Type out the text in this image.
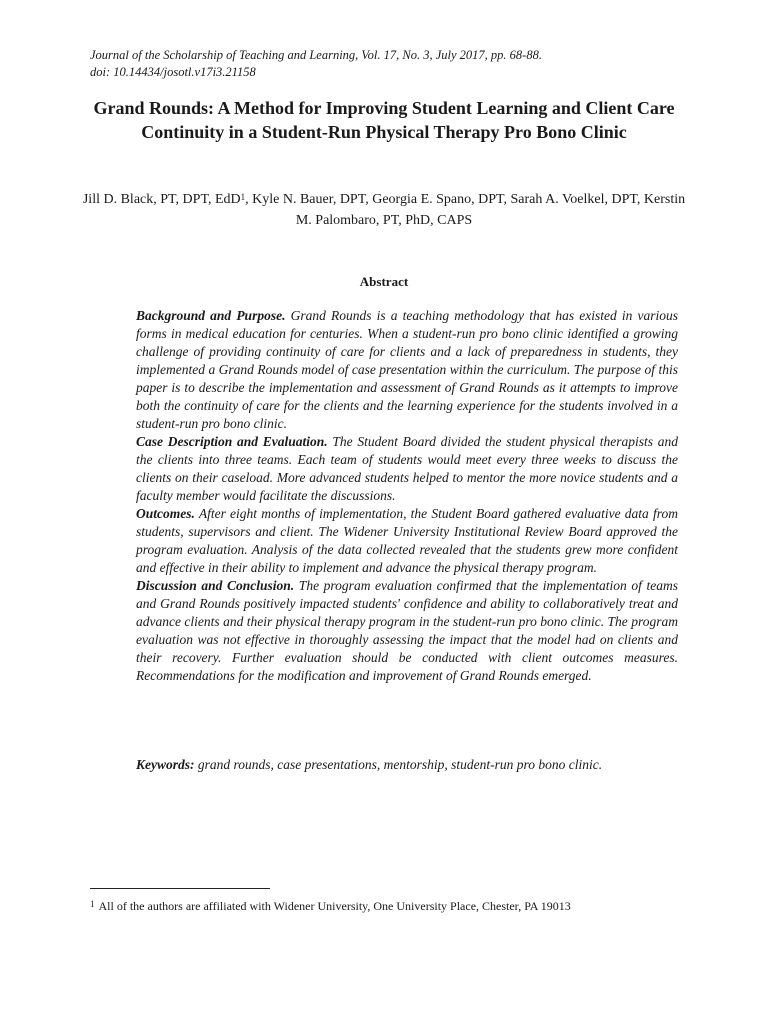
Journal of the Scholarship of Teaching and Learning, Vol. 17, No. 3, July 2017, pp. 68-88.
doi: 10.14434/josotl.v17i3.21158
Grand Rounds: A Method for Improving Student Learning and Client Care Continuity in a Student-Run Physical Therapy Pro Bono Clinic
Jill D. Black, PT, DPT, EdD$^1$, Kyle N. Bauer, DPT, Georgia E. Spano, DPT, Sarah A. Voelkel, DPT, Kerstin M. Palombaro, PT, PhD, CAPS
Abstract

Background and Purpose. Grand Rounds is a teaching methodology that has existed in various forms in medical education for centuries. When a student-run pro bono clinic identified a growing challenge of providing continuity of care for clients and a lack of preparedness in students, they implemented a Grand Rounds model of case presentation within the curriculum. The purpose of this paper is to describe the implementation and assessment of Grand Rounds as it attempts to improve both the continuity of care for the clients and the learning experience for the students involved in a student-run pro bono clinic.

Case Description and Evaluation. The Student Board divided the student physical therapists and the clients into three teams. Each team of students would meet every three weeks to discuss the clients on their caseload. More advanced students helped to mentor the more novice students and a faculty member would facilitate the discussions.

Outcomes. After eight months of implementation, the Student Board gathered evaluative data from students, supervisors and client. The Widener University Institutional Review Board approved the program evaluation. Analysis of the data collected revealed that the students grew more confident and effective in their ability to implement and advance the physical therapy program.

Discussion and Conclusion. The program evaluation confirmed that the implementation of teams and Grand Rounds positively impacted students' confidence and ability to collaboratively treat and advance clients and their physical therapy program in the student-run pro bono clinic. The program evaluation was not effective in thoroughly assessing the impact that the model had on clients and their recovery. Further evaluation should be conducted with client outcomes measures. Recommendations for the modification and improvement of Grand Rounds emerged.

Keywords: grand rounds, case presentations, mentorship, student-run pro bono clinic.
$^1$ All of the authors are affiliated with Widener University, One University Place, Chester, PA 19013
